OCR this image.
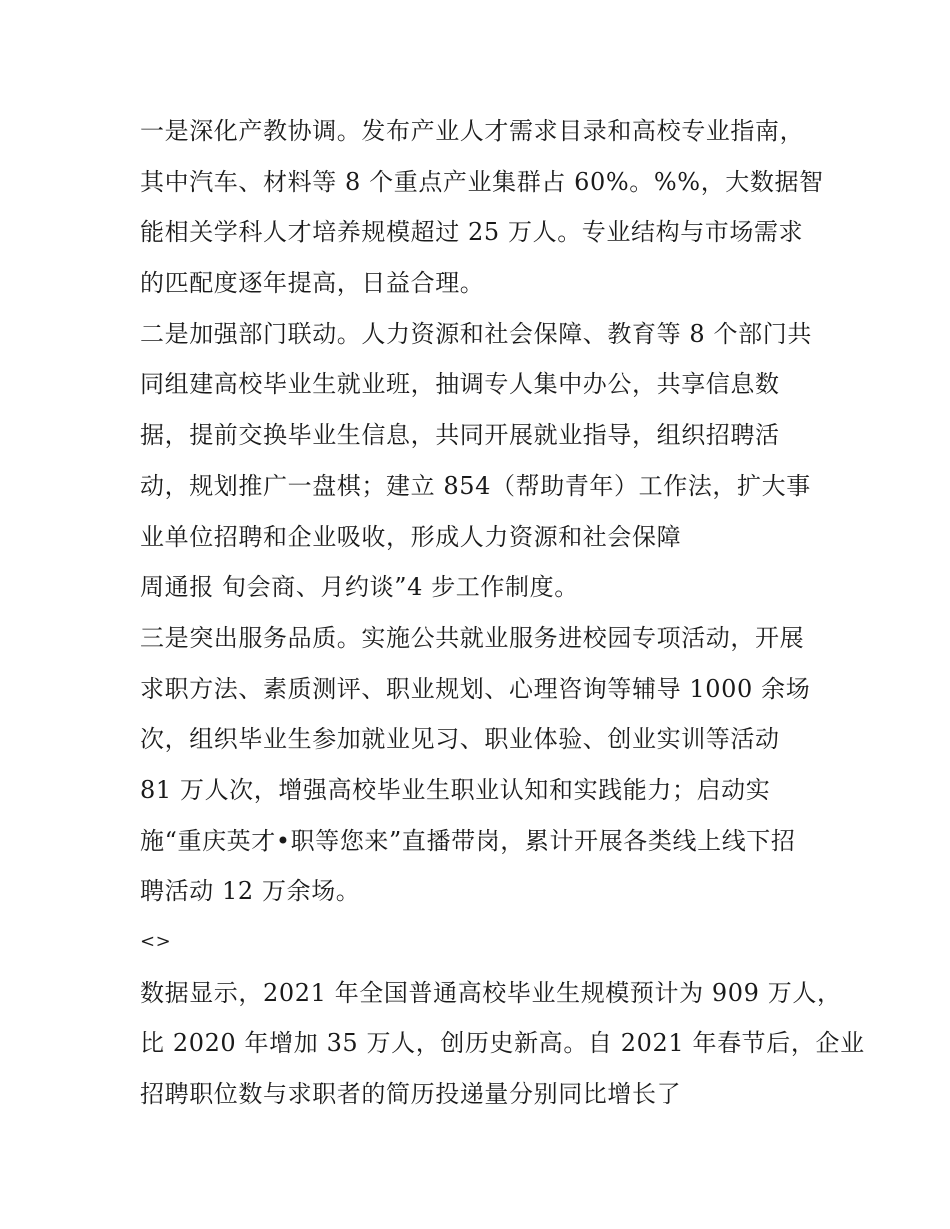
一是深化产教协调。发布产业人才需求目录和高校专业指南，
其中汽车、材料等 8 个重点产业集群占 60%。%%，大数据智
能相关学科人才培养规模超过 25 万人。专业结构与市场需求
的匹配度逐年提高，日益合理。
二是加强部门联动。人力资源和社会保障、教育等 8 个部门共
同组建高校毕业生就业班，抽调专人集中办公，共享信息数
据，提前交换毕业生信息，共同开展就业指导，组织招聘活
动，规划推广一盘棋；建立 854（帮助青年）工作法，扩大事
业单位招聘和企业吸收，形成人力资源和社会保障
周通报 旬会商、月约谈”4 步工作制度。
三是突出服务品质。实施公共就业服务进校园专项活动，开展
求职方法、素质测评、职业规划、心理咨询等辅导 1000 余场
次，组织毕业生参加就业见习、职业体验、创业实训等活动
81 万人次，增强高校毕业生职业认知和实践能力；启动实
施“重庆英才•职等您来”直播带岗，累计开展各类线上线下招
聘活动 12 万余场。
<>
数据显示，2021 年全国普通高校毕业生规模预计为 909 万人，
比 2020 年增加 35 万人，创历史新高。自 2021 年春节后，企业
招聘职位数与求职者的简历投递量分别同比增长了
